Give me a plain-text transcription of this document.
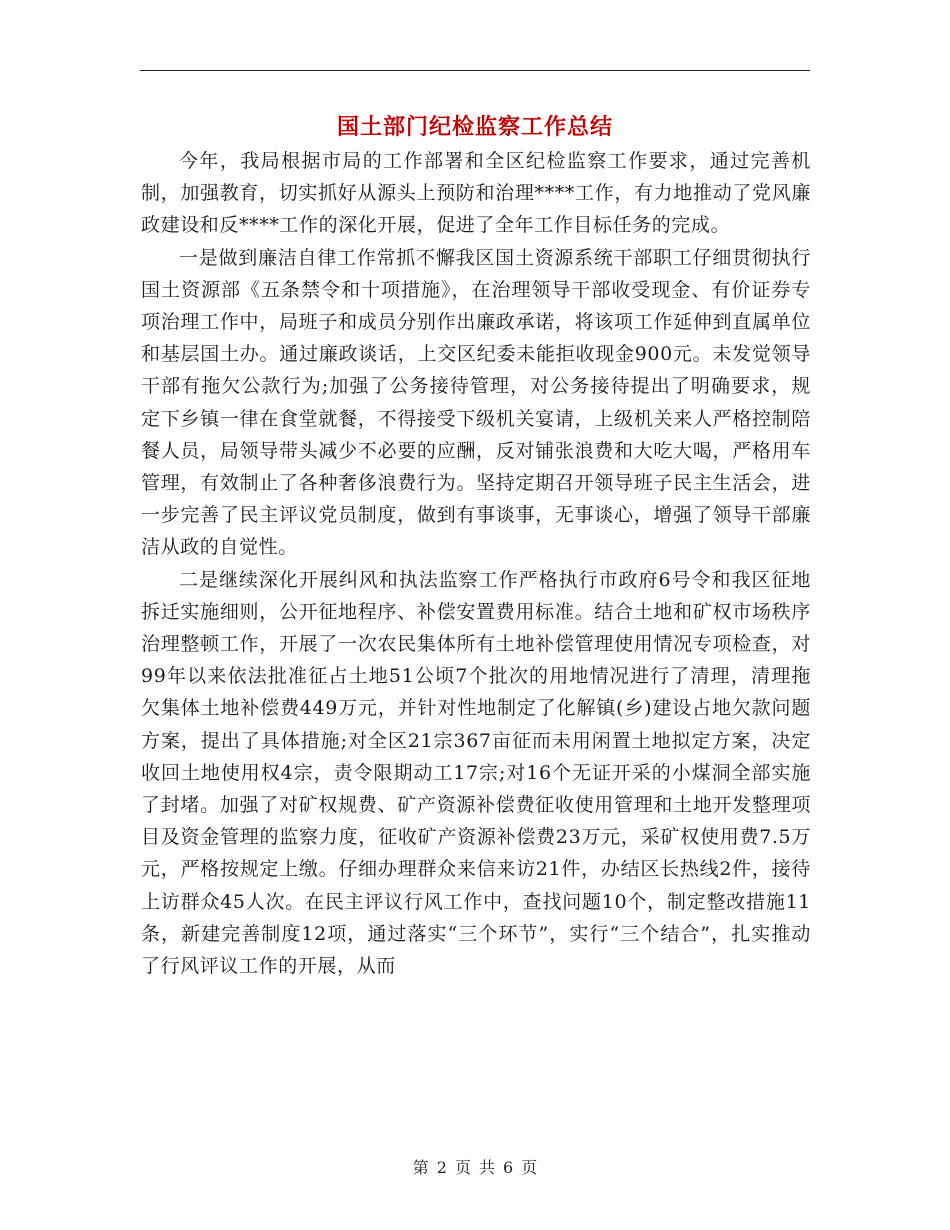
国土部门纪检监察工作总结

今年，我局根据市局的工作部署和全区纪检监察工作要求，通过完善机制，加强教育，切实抓好从源头上预防和治理****工作，有力地推动了党风廉政建设和反****工作的深化开展，促进了全年工作目标任务的完成。

一是做到廉洁自律工作常抓不懈我区国土资源系统干部职工仔细贯彻执行国土资源部《五条禁令和十项措施》，在治理领导干部收受现金、有价证券专项治理工作中，局班子和成员分别作出廉政承诺，将该项工作延伸到直属单位和基层国土办。通过廉政谈话，上交区纪委未能拒收现金900元。未发觉领导干部有拖欠公款行为;加强了公务接待管理，对公务接待提出了明确要求，规定下乡镇一律在食堂就餐，不得接受下级机关宴请，上级机关来人严格控制陪餐人员，局领导带头减少不必要的应酬，反对铺张浪费和大吃大喝，严格用车管理，有效制止了各种奢侈浪费行为。坚持定期召开领导班子民主生活会，进一步完善了民主评议党员制度，做到有事谈事，无事谈心，增强了领导干部廉洁从政的自觉性。

二是继续深化开展纠风和执法监察工作严格执行市政府6号令和我区征地拆迁实施细则，公开征地程序、补偿安置费用标准。结合土地和矿权市场秩序治理整顿工作，开展了一次农民集体所有土地补偿管理使用情况专项检查，对99年以来依法批准征占土地51公顷7个批次的用地情况进行了清理，清理拖欠集体土地补偿费449万元，并针对性地制定了化解镇(乡)建设占地欠款问题方案，提出了具体措施;对全区21宗367亩征而未用闲置土地拟定方案，决定收回土地使用权4宗，责令限期动工17宗;对16个无证开采的小煤洞全部实施了封堵。加强了对矿权规费、矿产资源补偿费征收使用管理和土地开发整理项目及资金管理的监察力度，征收矿产资源补偿费23万元，采矿权使用费7.5万元，严格按规定上缴。仔细办理群众来信来访21件，办结区长热线2件，接待上访群众45人次。在民主评议行风工作中，查找问题10个，制定整改措施11条，新建完善制度12项，通过落实“三个环节”，实行“三个结合”，扎实推动了行风评议工作的开展，从而

第 2 页 共 6 页
